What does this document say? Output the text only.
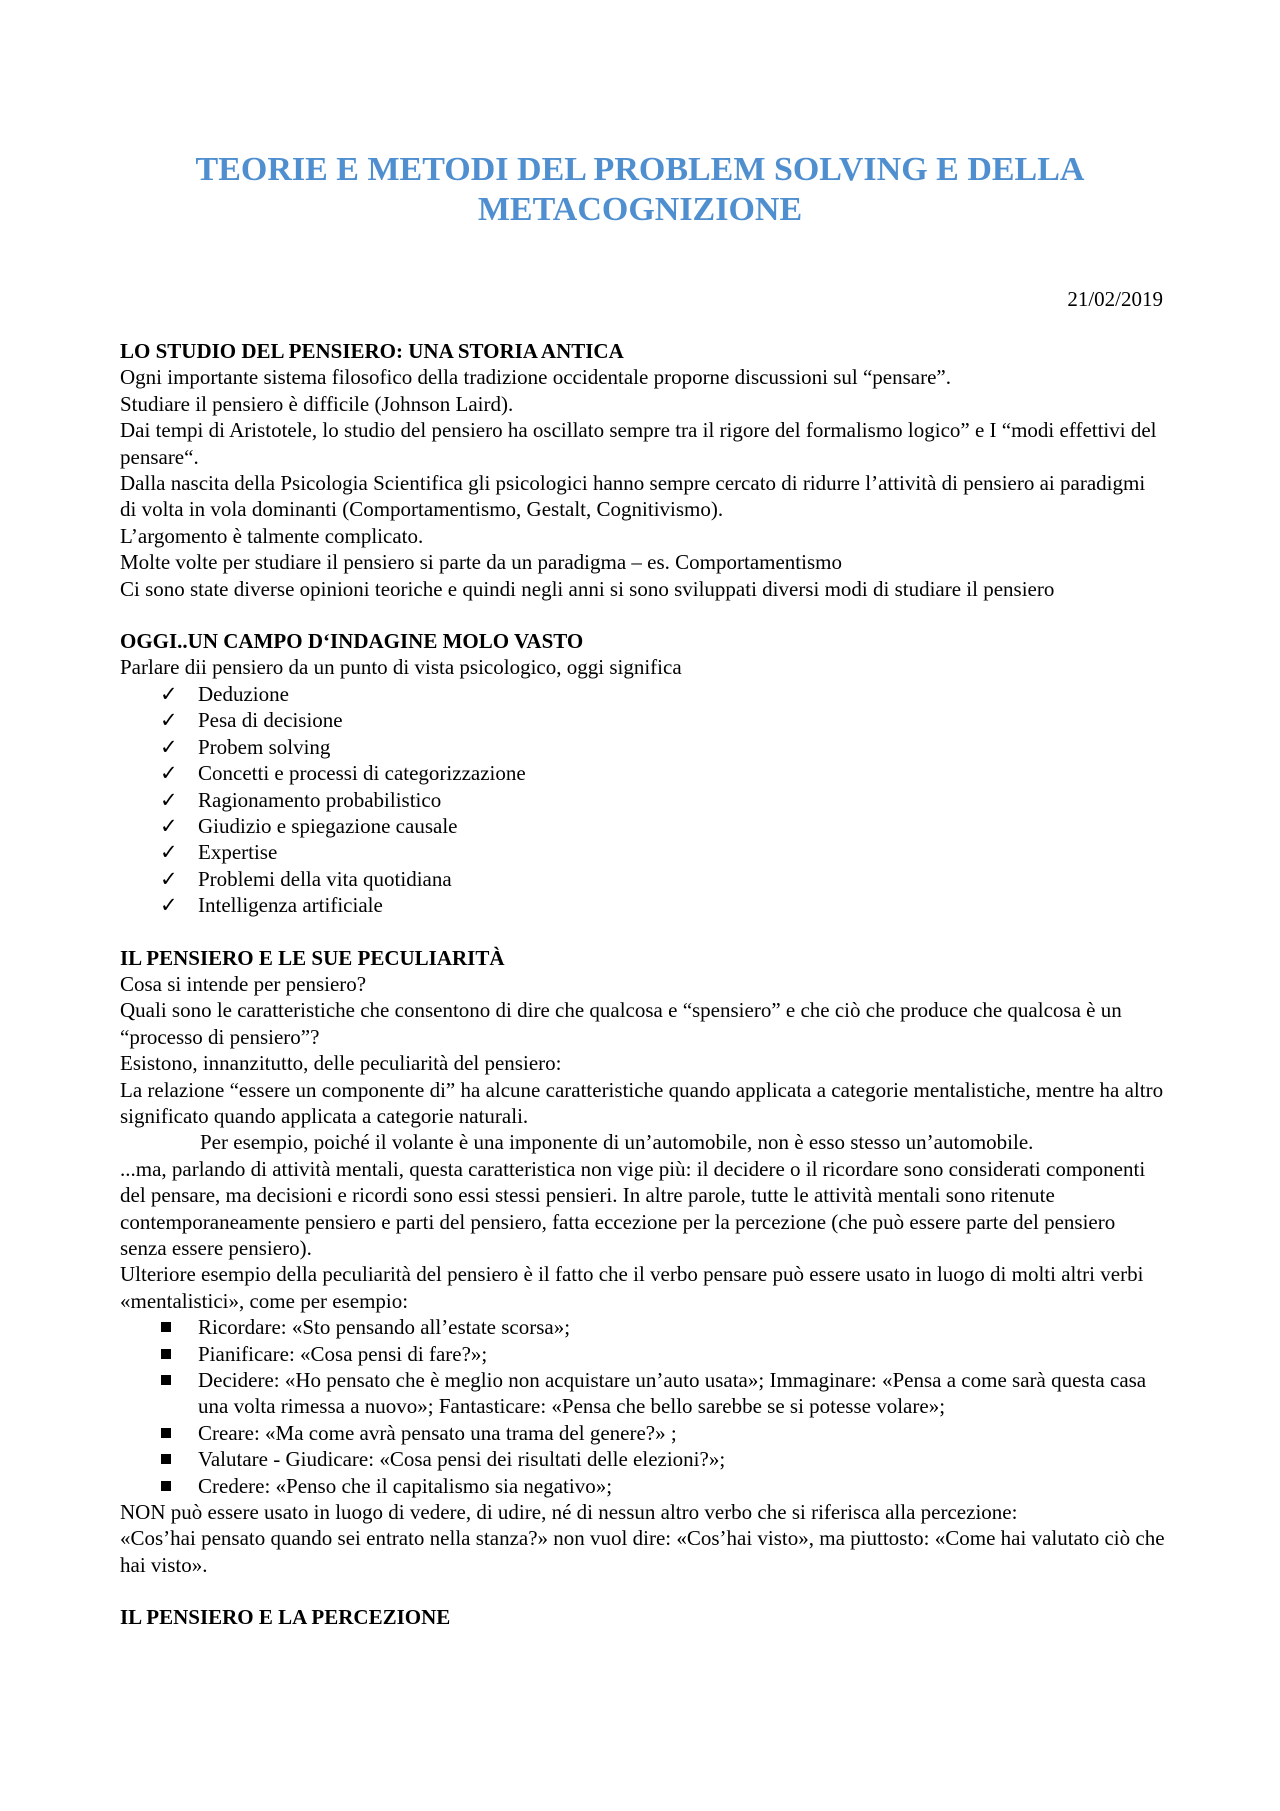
TEORIE E METODI DEL PROBLEM SOLVING E DELLA METACOGNIZIONE
21/02/2019

LO STUDIO DEL PENSIERO: UNA STORIA ANTICA

Ogni importante sistema filosofico della tradizione occidentale proporne discussioni sul “pensare”.

Studiare il pensiero è difficile (Johnson Laird).

Dai tempi di Aristotele, lo studio del pensiero ha oscillato sempre tra il rigore del formalismo logico” e I “modi effettivi del pensare“.

Dalla nascita della Psicologia Scientifica gli psicologici hanno sempre cercato di ridurre l’attività di pensiero ai paradigmi di volta in vola dominanti (Comportamentismo, Gestalt, Cognitivismo).

L’argomento è talmente complicato.

Molte volte per studiare il pensiero si parte da un paradigma – es. Comportamentismo

Ci sono state diverse opinioni teoriche e quindi negli anni si sono sviluppati diversi modi di studiare il pensiero

OGGI..UN CAMPO D‘INDAGINE MOLO VASTO

Parlare dii pensiero da un punto di vista psicologico, oggi significa

✓ Deduzione
✓ Pesa di decisione
✓ Probem solving
✓ Concetti e processi di categorizzazione
✓ Ragionamento probabilistico
✓ Giudizio e spiegazione causale
✓ Expertise
✓ Problemi della vita quotidiana
✓ Intelligenza artificiale

IL PENSIERO E LE SUE PECULIARITÀ

Cosa si intende per pensiero?

Quali sono le caratteristiche che consentono di dire che qualcosa e “spensiero” e che ciò che produce che qualcosa è un “processo di pensiero”?

Esistono, innanzitutto, delle peculiarità del pensiero:

La relazione “essere un componente di” ha alcune caratteristiche quando applicata a categorie mentalistiche, mentre ha altro significato quando applicata a categorie naturali.

Per esempio, poiché il volante è una imponente di un’automobile, non è esso stesso un’automobile.

...ma, parlando di attività mentali, questa caratteristica non vige più: il decidere o il ricordare sono considerati componenti del pensare, ma decisioni e ricordi sono essi stessi pensieri. In altre parole, tutte le attività mentali sono ritenute contemporaneamente pensiero e parti del pensiero, fatta eccezione per la percezione (che può essere parte del pensiero senza essere pensiero).

Ulteriore esempio della peculiarità del pensiero è il fatto che il verbo pensare può essere usato in luogo di molti altri verbi «mentalistici», come per esempio:

Ricordare: «Sto pensando all’estate scorsa»;
Pianificare: «Cosa pensi di fare?»;
Decidere: «Ho pensato che è meglio non acquistare un’auto usata»; Immaginare: «Pensa a come sarà questa casa una volta rimessa a nuovo»; Fantasticare: «Pensa che bello sarebbe se si potesse volare»;
Creare: «Ma come avrà pensato una trama del genere?» ;
Valutare - Giudicare: «Cosa pensi dei risultati delle elezioni?»;
Credere: «Penso che il capitalismo sia negativo»;

NON può essere usato in luogo di vedere, di udire, né di nessun altro verbo che si riferisca alla percezione:

«Cos’hai pensato quando sei entrato nella stanza?» non vuol dire: «Cos’hai visto», ma piuttosto: «Come hai valutato ciò che hai visto».

IL PENSIERO E LA PERCEZIONE
